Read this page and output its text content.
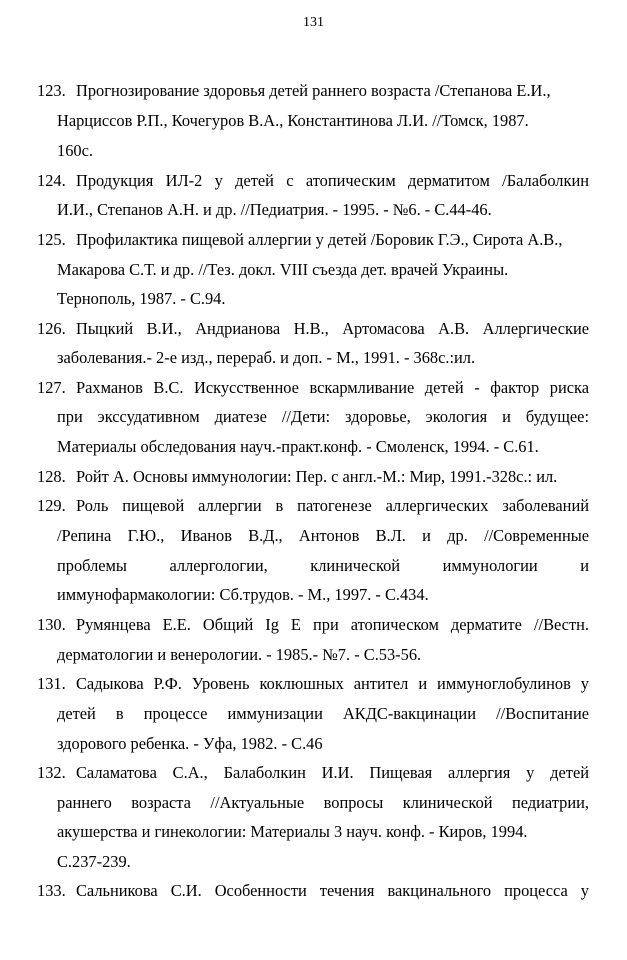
131
123. Прогнозирование здоровья детей раннего возраста /Степанова Е.И.,
Нарциссов Р.П., Кочегуров В.А., Константинова Л.И. //Томск, 1987.
160с.
124. Продукция ИЛ-2 у детей с атопическим дерматитом /Балаболкин
И.И., Степанов А.Н. и др. //Педиатрия. - 1995. - №6. - С.44-46.
125. Профилактика пищевой аллергии у детей /Боровик Г.Э., Сирота А.В.,
Макарова С.Т. и др. //Тез. докл. VIII съезда дет. врачей Украины.
Тернополь, 1987. - С.94.
126. Пыцкий В.И., Андрианова Н.В., Артомасова А.В. Аллергические
заболевания.- 2-е изд., перераб. и доп. - М., 1991. - 368с.:ил.
127. Рахманов В.С. Искусственное вскармливание детей - фактор риска
при экссудативном диатезе //Дети: здоровье, экология и будущее:
Материалы обследования науч.-практ.конф. - Смоленск, 1994. - С.61.
128. Ройт А. Основы иммунологии: Пер. с англ.-М.: Мир, 1991.-328с.: ил.
129. Роль пищевой аллергии в патогенезе аллергических заболеваний
/Репина Г.Ю., Иванов В.Д., Антонов В.Л. и др. //Современные
проблемы аллергологии, клинической иммунологии и
иммунофармакологии: Сб.трудов. - М., 1997. - С.434.
130. Румянцева Е.Е. Общий Ig E при атопическом дерматите //Вестн.
дерматологии и венерологии. - 1985.- №7. - С.53-56.
131. Садыкова Р.Ф. Уровень коклюшных антител и иммуноглобулинов у
детей в процессе иммунизации АКДС-вакцинации //Воспитание
здорового ребенка. - Уфа, 1982. - С.46
132. Саламатова С.А., Балаболкин И.И. Пищевая аллергия у детей
раннего возраста //Актуальные вопросы клинической педиатрии,
акушерства и гинекологии: Материалы 3 науч. конф. - Киров, 1994.
С.237-239.
133. Сальникова С.И. Особенности течения вакцинального процесса у
